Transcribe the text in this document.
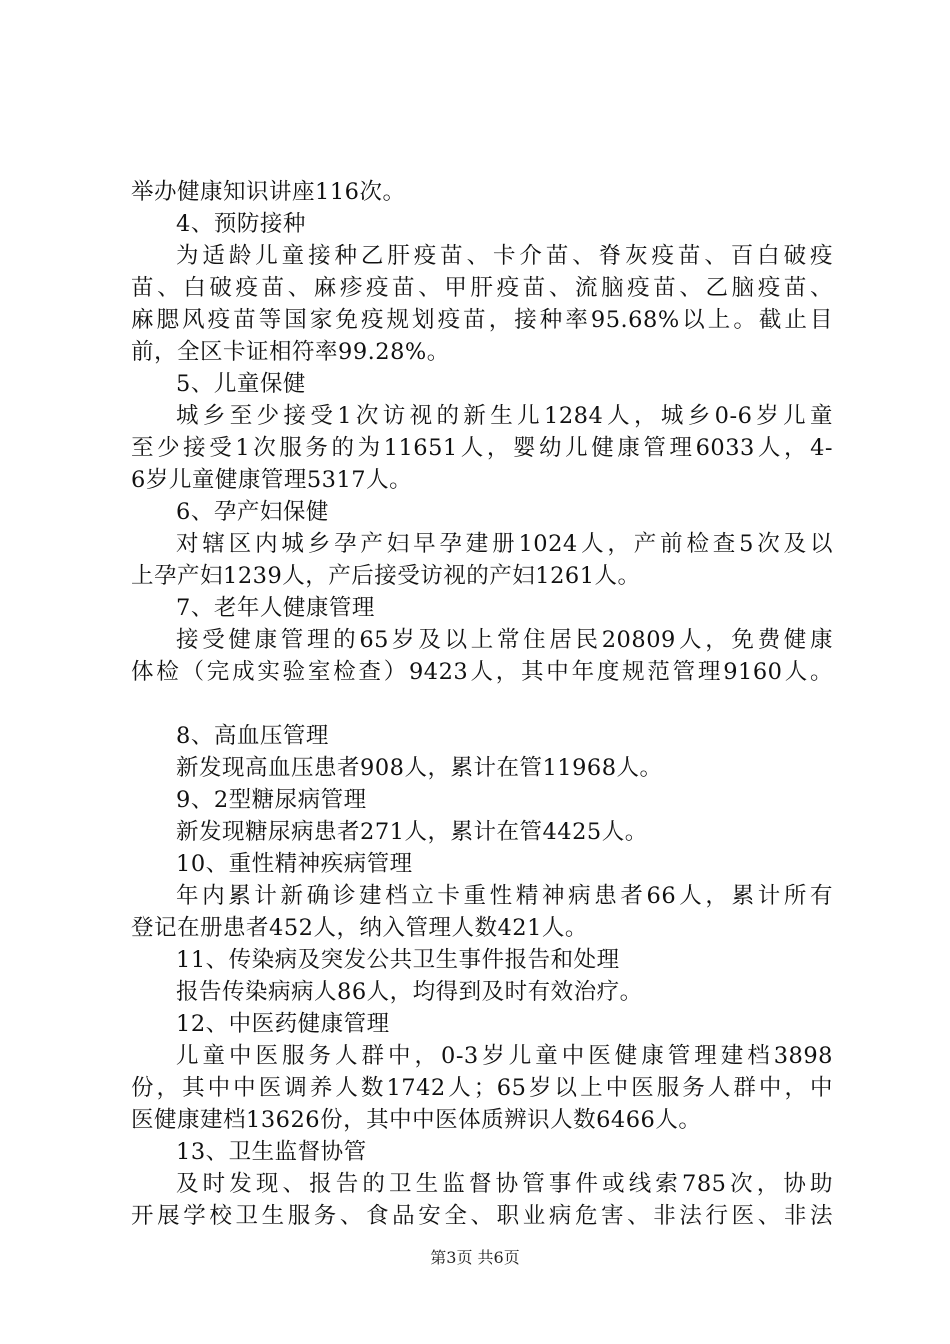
举办健康知识讲座116次。
4、预防接种
为适龄儿童接种乙肝疫苗、卡介苗、脊灰疫苗、百白破疫
苗、白破疫苗、麻疹疫苗、甲肝疫苗、流脑疫苗、乙脑疫苗、
麻腮风疫苗等国家免疫规划疫苗，接种率95.68%以上。截止目
前，全区卡证相符率99.28%。
5、儿童保健
城乡至少接受1次访视的新生儿1284人，城乡0-6岁儿童
至少接受1次服务的为11651人，婴幼儿健康管理6033人，4-
6岁儿童健康管理5317人。
6、孕产妇保健
对辖区内城乡孕产妇早孕建册1024人，产前检查5次及以
上孕产妇1239人，产后接受访视的产妇1261人。
7、老年人健康管理
接受健康管理的65岁及以上常住居民20809人，免费健康
体检（完成实验室检查）9423人，其中年度规范管理9160人。
8、高血压管理
新发现高血压患者908人，累计在管11968人。
9、2型糖尿病管理
新发现糖尿病患者271人，累计在管4425人。
10、重性精神疾病管理
年内累计新确诊建档立卡重性精神病患者66人，累计所有
登记在册患者452人，纳入管理人数421人。
11、传染病及突发公共卫生事件报告和处理
报告传染病病人86人，均得到及时有效治疗。
12、中医药健康管理
儿童中医服务人群中，0-3岁儿童中医健康管理建档3898
份，其中中医调养人数1742人；65岁以上中医服务人群中，中
医健康建档13626份，其中中医体质辨识人数6466人。
13、卫生监督协管
及时发现、报告的卫生监督协管事件或线索785次，协助
开展学校卫生服务、食品安全、职业病危害、非法行医、非法
第3页 共6页
